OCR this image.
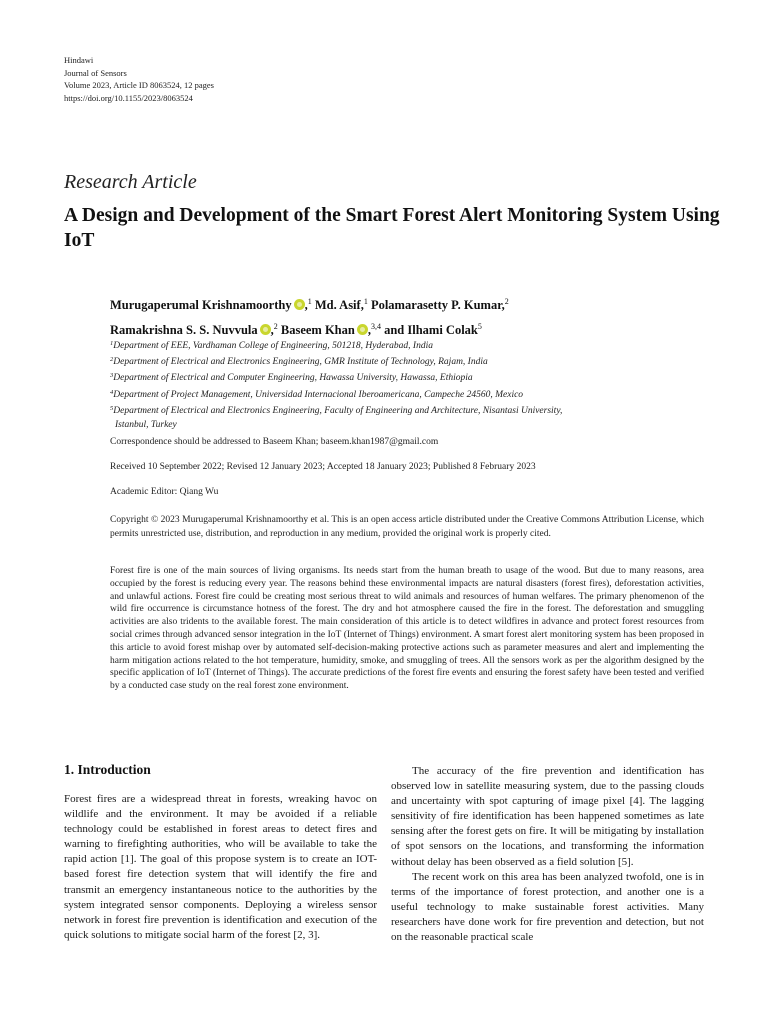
Hindawi
Journal of Sensors
Volume 2023, Article ID 8063524, 12 pages
https://doi.org/10.1155/2023/8063524
Research Article
A Design and Development of the Smart Forest Alert Monitoring System Using IoT
Murugaperumal Krishnamoorthy ,$^1$ Md. Asif,$^1$ Polamarasetty P. Kumar,$^2$
Ramakrishna S. S. Nuvvula ,$^2$ Baseem Khan ,$^{3,4}$ and Ilhami Colak$^5$
$^1$Department of EEE, Vardhaman College of Engineering, 501218, Hyderabad, India
$^2$Department of Electrical and Electronics Engineering, GMR Institute of Technology, Rajam, India
$^3$Department of Electrical and Computer Engineering, Hawassa University, Hawassa, Ethiopia
$^4$Department of Project Management, Universidad Internacional Iberoamericana, Campeche 24560, Mexico
$^5$Department of Electrical and Electronics Engineering, Faculty of Engineering and Architecture, Nisantasi University,
Istanbul, Turkey
Correspondence should be addressed to Baseem Khan; baseem.khan1987@gmail.com
Received 10 September 2022; Revised 12 January 2023; Accepted 18 January 2023; Published 8 February 2023
Academic Editor: Qiang Wu
Copyright © 2023 Murugaperumal Krishnamoorthy et al. This is an open access article distributed under the Creative Commons Attribution License, which permits unrestricted use, distribution, and reproduction in any medium, provided the original work is properly cited.
Forest fire is one of the main sources of living organisms. Its needs start from the human breath to usage of the wood. But due to many reasons, area occupied by the forest is reducing every year. The reasons behind these environmental impacts are natural disasters (forest fires), deforestation activities, and unlawful actions. Forest fire could be creating most serious threat to wild animals and resources of human welfares. The primary phenomenon of the wild fire occurrence is circumstance hotness of the forest. The dry and hot atmosphere caused the fire in the forest. The deforestation and smuggling activities are also tridents to the available forest. The main consideration of this article is to detect wildfires in advance and protect forest resources from social crimes through advanced sensor integration in the IoT (Internet of Things) environment. A smart forest alert monitoring system has been proposed in this article to avoid forest mishap over by automated self-decision-making protective actions such as parameter measures and alert and implementing the harm mitigation actions related to the hot temperature, humidity, smoke, and smuggling of trees. All the sensors work as per the algorithm designed by the specific application of IoT (Internet of Things). The accurate predictions of the forest fire events and ensuring the forest safety have been tested and verified by a conducted case study on the real forest zone environment.
1. Introduction

Forest fires are a widespread threat in forests, wreaking havoc on wildlife and the environment. It may be avoided if a reliable technology could be established in forest areas to detect fires and warning to firefighting authorities, who will be available to take the rapid action [1]. The goal of this propose system is to create an IOT-based forest fire detection system that will identify the fire and transmit an emergency instantaneous notice to the authorities by the system integrated sensor components. Deploying a wireless sensor network in forest fire prevention is identification and execution of the quick solutions to mitigate social harm of the forest [2, 3].

The accuracy of the fire prevention and identification has observed low in satellite measuring system, due to the passing clouds and uncertainty with spot capturing of image pixel [4]. The lagging sensitivity of fire identification has been happened sometimes as late sensing after the forest gets on fire. It will be mitigating by installation of spot sensors on the locations, and transforming the information without delay has been observed as a field solution [5].

The recent work on this area has been analyzed twofold, one is in terms of the importance of forest protection, and another one is a useful technology to make sustainable forest activities. Many researchers have done work for fire prevention and detection, but not on the reasonable practical scale
